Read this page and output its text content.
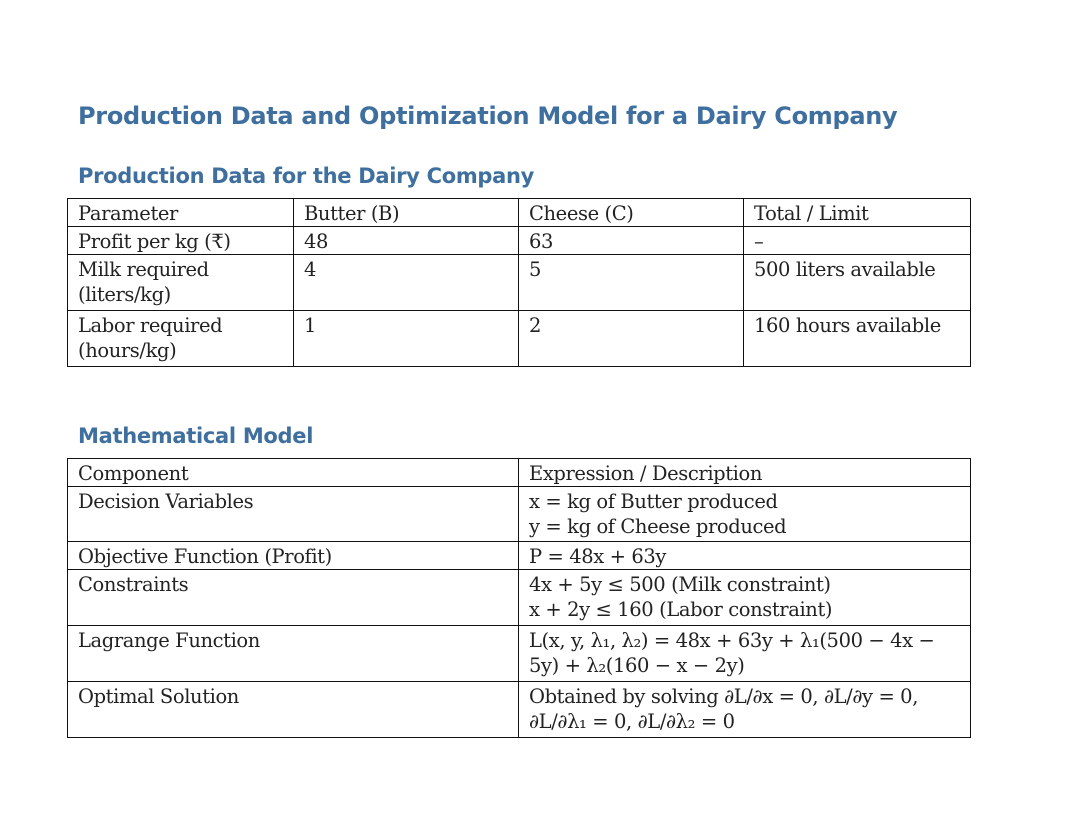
Production Data and Optimization Model for a Dairy Company
Production Data for the Dairy Company
Parameter	Butter (B)	Cheese (C)	Total / Limit

Profit per kg (₹)	48	63	–

Milk required
(liters/kg)	4	5	500 liters available

Labor required
(hours/kg)	1	2	160 hours available
Mathematical Model
Component	Expression / Description
Decision Variables	x = kg of Butter produced
y = kg of Cheese produced

Objective Function (Profit)	P = 48x + 63y

Constraints	4x + 5y ≤ 500 (Milk constraint)
x + 2y ≤ 160 (Labor constraint)

Lagrange Function	L(x, y, λ₁, λ₂) = 48x + 63y + λ₁(500 − 4x −
5y) + λ₂(160 − x − 2y)

Optimal Solution	Obtained by solving ∂L/∂x = 0, ∂L/∂y = 0,
∂L/∂λ₁ = 0, ∂L/∂λ₂ = 0
